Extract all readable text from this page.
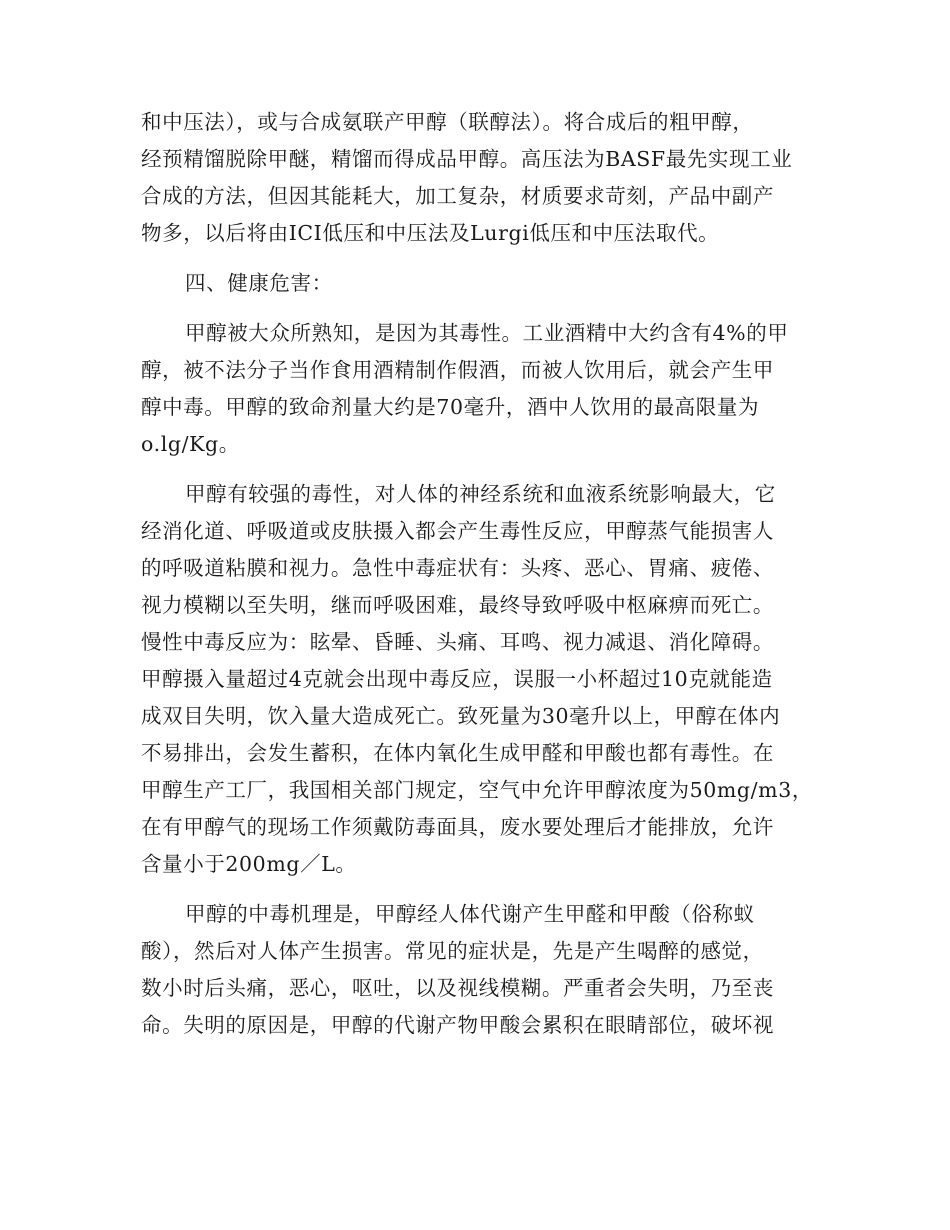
和中压法），或与合成氨联产甲醇（联醇法）。将合成后的粗甲醇，
经预精馏脱除甲醚，精馏而得成品甲醇。高压法为BASF最先实现工业
合成的方法，但因其能耗大，加工复杂，材质要求苛刻，产品中副产
物多，以后将由ICI低压和中压法及Lurgi低压和中压法取代。
四、健康危害：
甲醇被大众所熟知，是因为其毒性。工业酒精中大约含有4%的甲
醇，被不法分子当作食用酒精制作假酒，而被人饮用后，就会产生甲
醇中毒。甲醇的致命剂量大约是70毫升，酒中人饮用的最高限量为
o.lg/Kg。
甲醇有较强的毒性，对人体的神经系统和血液系统影响最大，它
经消化道、呼吸道或皮肤摄入都会产生毒性反应，甲醇蒸气能损害人
的呼吸道粘膜和视力。急性中毒症状有：头疼、恶心、胃痛、疲倦、
视力模糊以至失明，继而呼吸困难，最终导致呼吸中枢麻痹而死亡。
慢性中毒反应为：眩晕、昏睡、头痛、耳鸣、视力减退、消化障碍。
甲醇摄入量超过4克就会出现中毒反应，误服一小杯超过10克就能造
成双目失明，饮入量大造成死亡。致死量为30毫升以上，甲醇在体内
不易排出，会发生蓄积，在体内氧化生成甲醛和甲酸也都有毒性。在
甲醇生产工厂，我国相关部门规定，空气中允许甲醇浓度为50mg/m3，
在有甲醇气的现场工作须戴防毒面具，废水要处理后才能排放，允许
含量小于200mg／L。
甲醇的中毒机理是，甲醇经人体代谢产生甲醛和甲酸（俗称蚁
酸），然后对人体产生损害。常见的症状是，先是产生喝醉的感觉，
数小时后头痛，恶心，呕吐，以及视线模糊。严重者会失明，乃至丧
命。失明的原因是，甲醇的代谢产物甲酸会累积在眼睛部位，破坏视
